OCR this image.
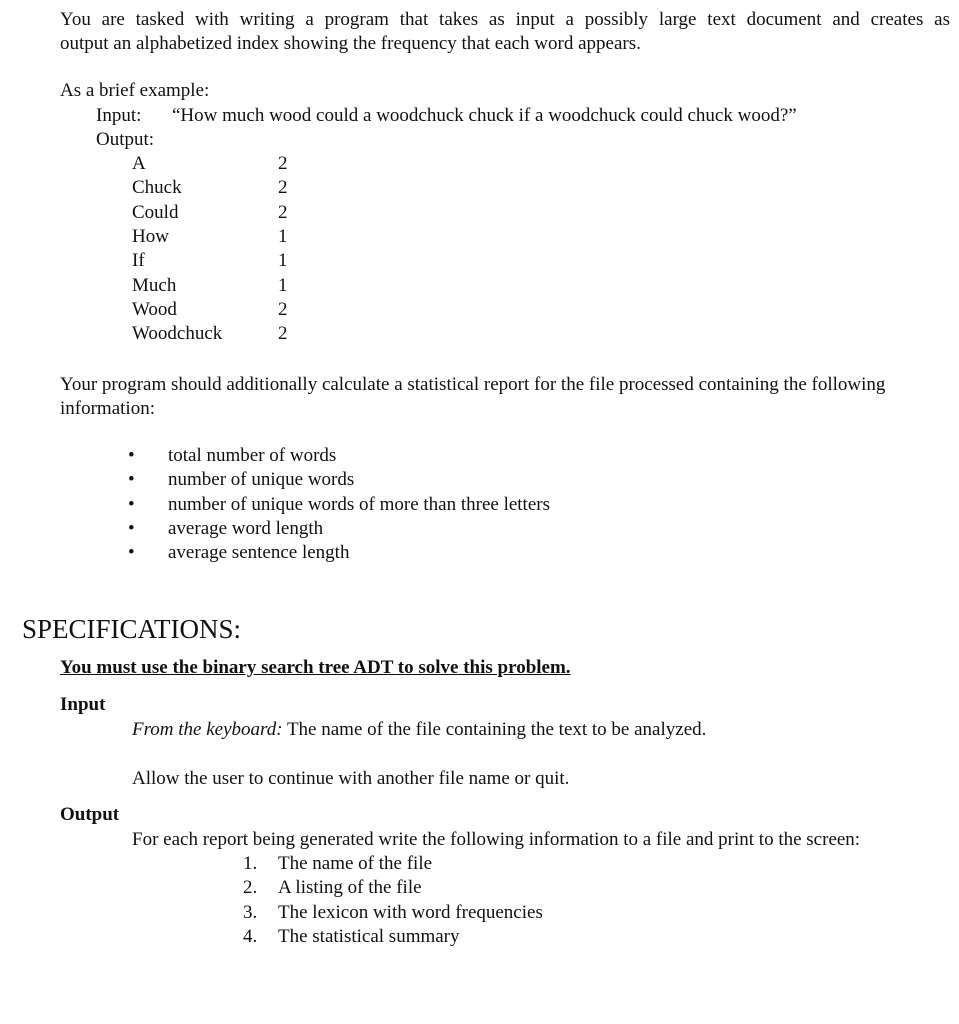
You are tasked with writing a program that takes as input a possibly large text document and creates as
output an alphabetized index showing the frequency that each word appears.
As a brief example:
Input: “How much wood could a woodchuck chuck if a woodchuck could chuck wood?”
Output:
A	2
Chuck	2
Could	2
How	1
If	1
Much	1
Wood	2
Woodchuck	2
Your program should additionally calculate a statistical report for the file processed containing the following
information:
• total number of words
• number of unique words
• number of unique words of more than three letters
• average word length
• average sentence length
SPECIFICATIONS:
You must use the binary search tree ADT to solve this problem.
Input
From the keyboard: The name of the file containing the text to be analyzed.
Allow the user to continue with another file name or quit.
Output
For each report being generated write the following information to a file and print to the screen:
1. The name of the file
2. A listing of the file
3. The lexicon with word frequencies
4. The statistical summary
